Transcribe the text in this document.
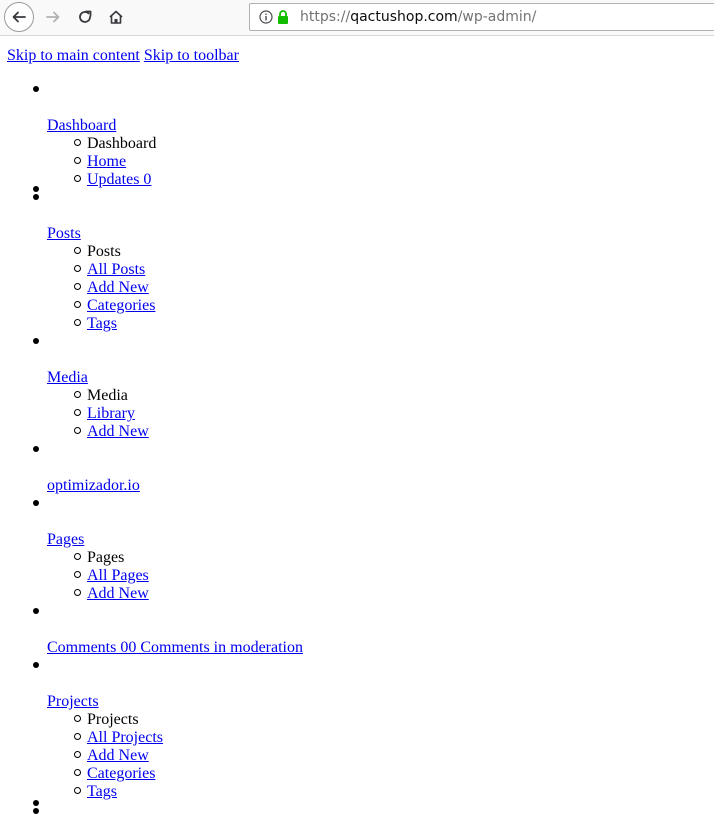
https://qactushop.com/wp-admin/
Skip to main content Skip to toolbar
Dashboard
Dashboard
Home
Updates 0
Posts
Posts
All Posts
Add New
Categories
Tags
Media
Media
Library
Add New
optimizador.io
Pages
Pages
All Pages
Add New
Comments 00 Comments in moderation
Projects
Projects
All Projects
Add New
Categories
Tags
